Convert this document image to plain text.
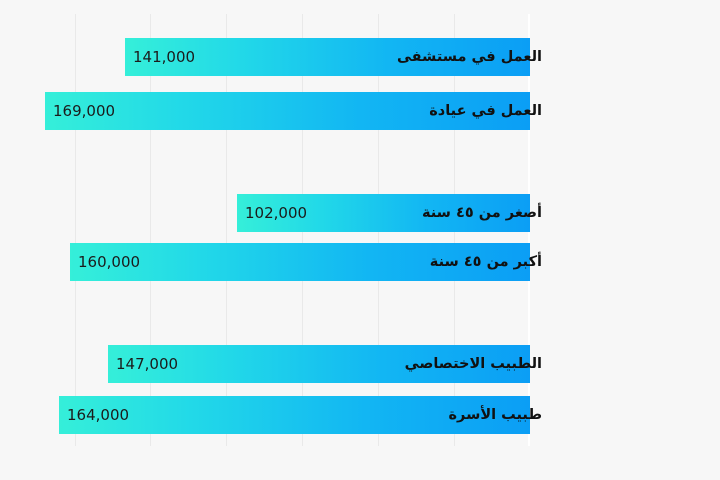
141,000	العمل في مستشفى
169,000	العمل في عيادة
102,000	أصغر من ٤٥ سنة
160,000	أكبر من ٤٥ سنة
147,000	الطبيب الاختصاصي
164,000	طبيب الأسرة
